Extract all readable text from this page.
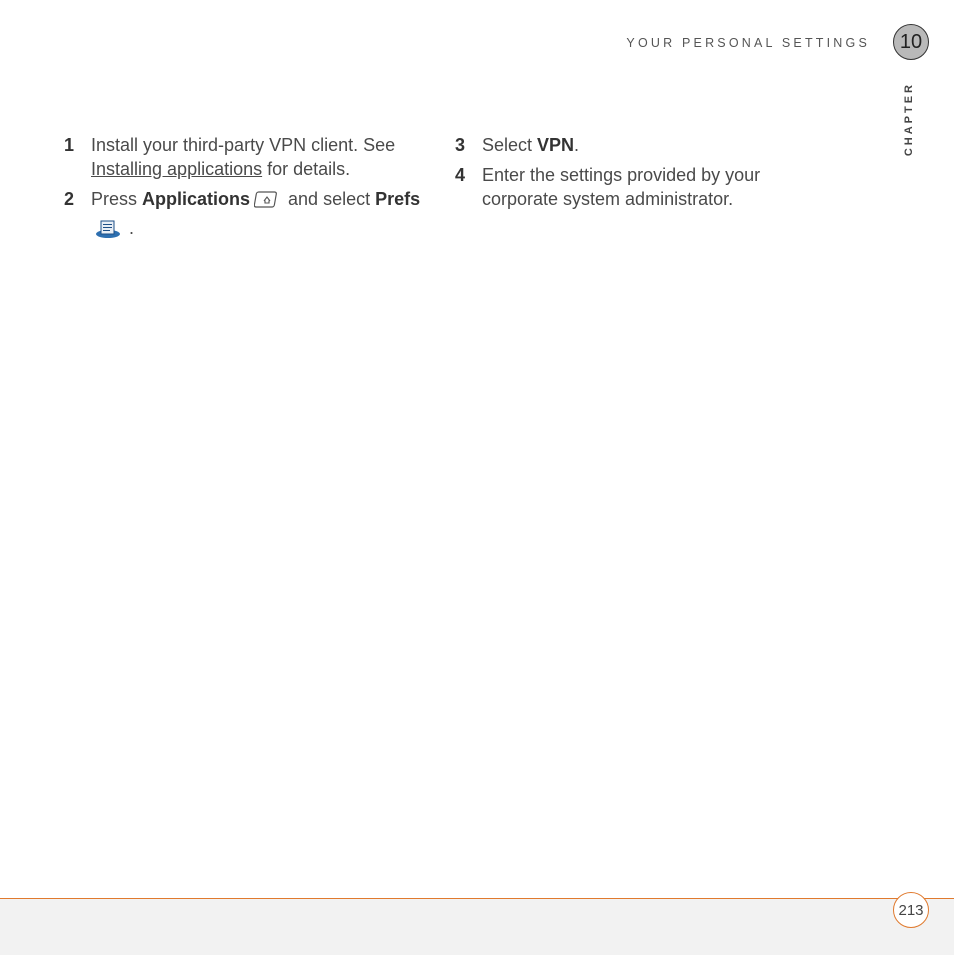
YOUR PERSONAL SETTINGS 10
CHAPTER
1 Install your third-party VPN client. See Installing applications for details.
2 Press Applications and select Prefs .
3 Select VPN.
4 Enter the settings provided by your corporate system administrator.
213
